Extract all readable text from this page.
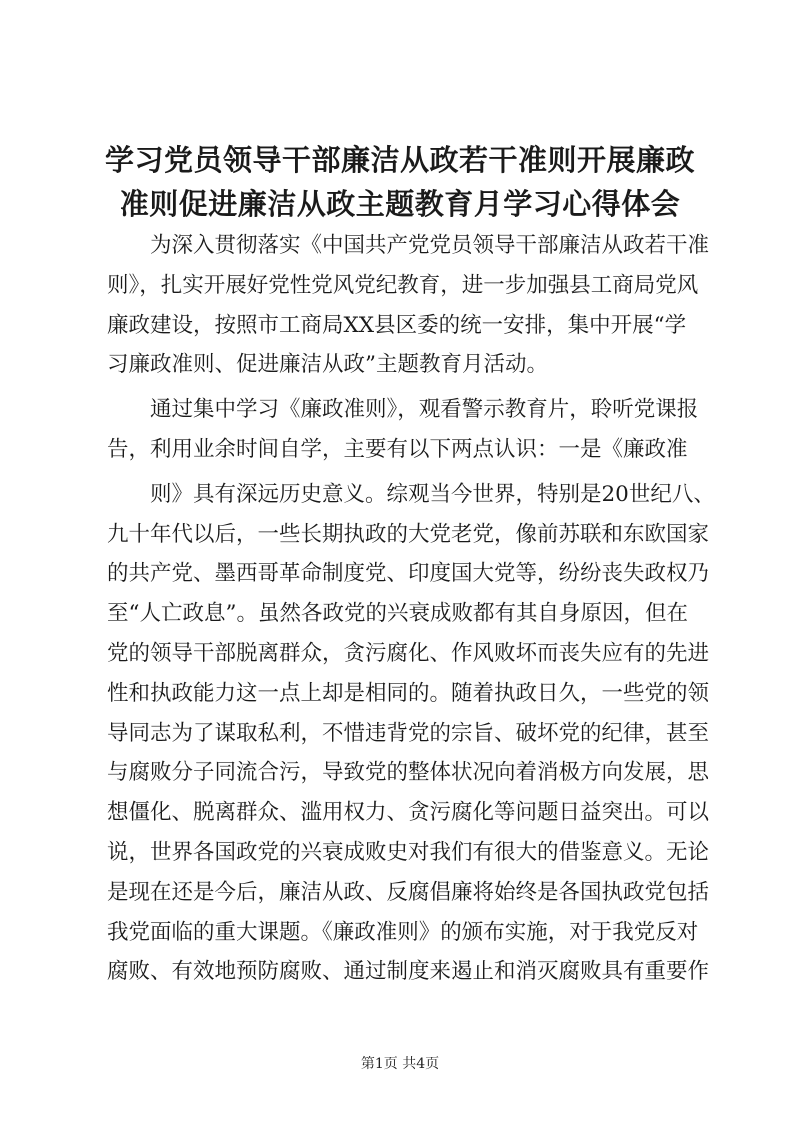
学习党员领导干部廉洁从政若干准则开展廉政
准则促进廉洁从政主题教育月学习心得体会
为深入贯彻落实《中国共产党党员领导干部廉洁从政若干准
则》，扎实开展好党性党风党纪教育，进一步加强县工商局党风
廉政建设，按照市工商局XX县区委的统一安排，集中开展“学
习廉政准则、促进廉洁从政”主题教育月活动。
通过集中学习《廉政准则》，观看警示教育片，聆听党课报
告，利用业余时间自学，主要有以下两点认识：一是《廉政准
则》具有深远历史意义。综观当今世界，特别是20世纪八、
九十年代以后，一些长期执政的大党老党，像前苏联和东欧国家
的共产党、墨西哥革命制度党、印度国大党等，纷纷丧失政权乃
至“人亡政息”。虽然各政党的兴衰成败都有其自身原因，但在
党的领导干部脱离群众，贪污腐化、作风败坏而丧失应有的先进
性和执政能力这一点上却是相同的。随着执政日久，一些党的领
导同志为了谋取私利，不惜违背党的宗旨、破坏党的纪律，甚至
与腐败分子同流合污，导致党的整体状况向着消极方向发展，思
想僵化、脱离群众、滥用权力、贪污腐化等问题日益突出。可以
说，世界各国政党的兴衰成败史对我们有很大的借鉴意义。无论
是现在还是今后，廉洁从政、反腐倡廉将始终是各国执政党包括
我党面临的重大课题。《廉政准则》的颁布实施，对于我党反对
腐败、有效地预防腐败、通过制度来遏止和消灭腐败具有重要作
第1页 共4页
